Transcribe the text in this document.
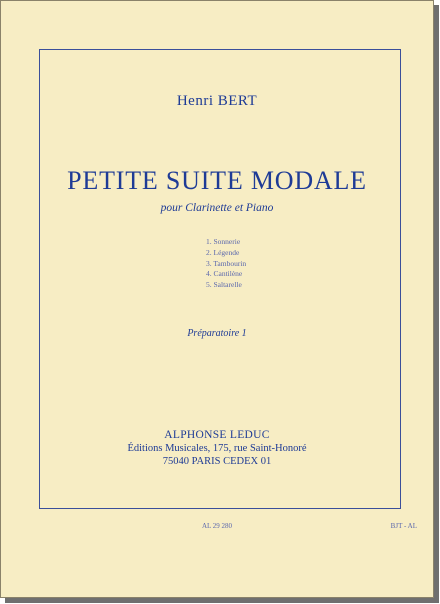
Henri BERT
PETITE SUITE MODALE
pour Clarinette et Piano
1. Sonnerie
2. Légende
3. Tambourin
4. Cantilène
5. Saltarelle
Préparatoire 1
ALPHONSE LEDUC
Éditions Musicales, 175, rue Saint-Honoré
75040 PARIS CEDEX 01
AL 29 280	BJT - AL
